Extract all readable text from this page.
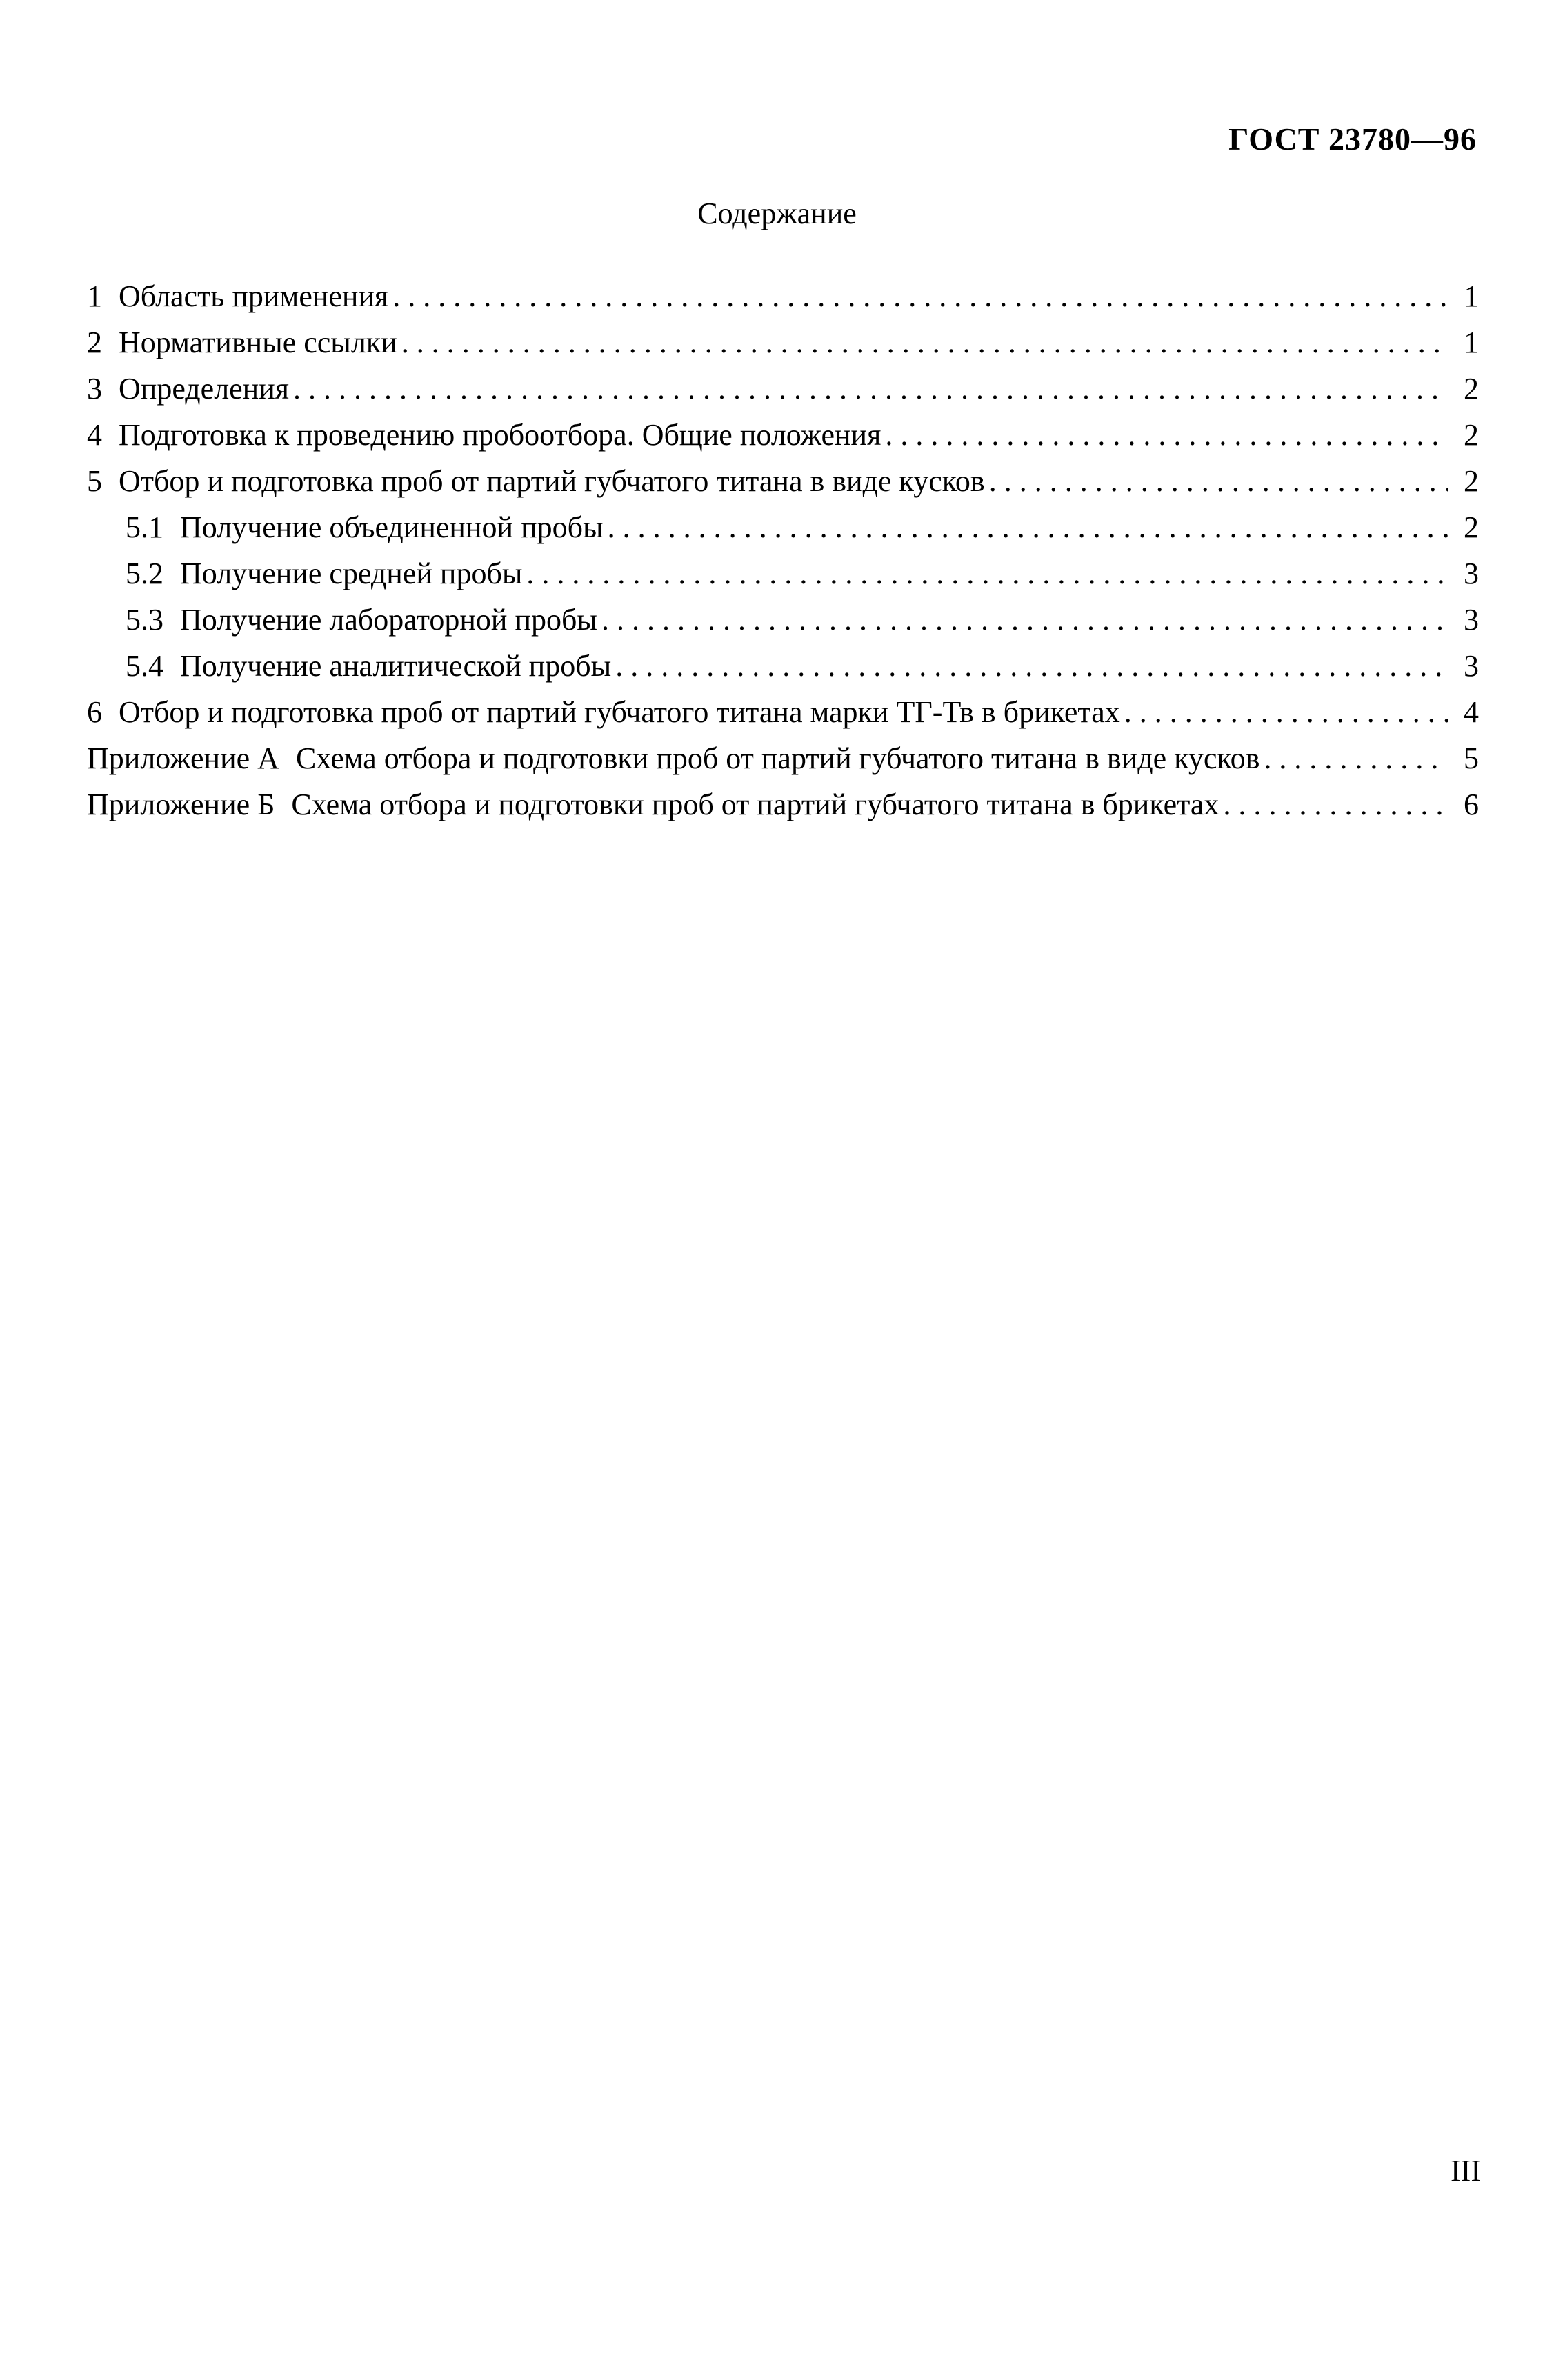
ГОСТ 23780—96
Содержание
1 Область применения . . .	1
2 Нормативные ссылки . . .	1
3 Определения . . .	2
4 Подготовка к проведению пробоотбора. Общие положения . . .	2
5 Отбор и подготовка проб от партий губчатого титана в виде кусков . . .	2
5.1 Получение объединенной пробы . . .	2
5.2 Получение средней пробы . . .	3
5.3 Получение лабораторной пробы . . .	3
5.4 Получение аналитической пробы . . .	3
6 Отбор и подготовка проб от партий губчатого титана марки ТГ-Тв в брикетах . . .	4
Приложение А Схема отбора и подготовки проб от партий губчатого титана в виде кусков . . .	5
Приложение Б Схема отбора и подготовки проб от партий губчатого титана в брикетах . . .	6
III
